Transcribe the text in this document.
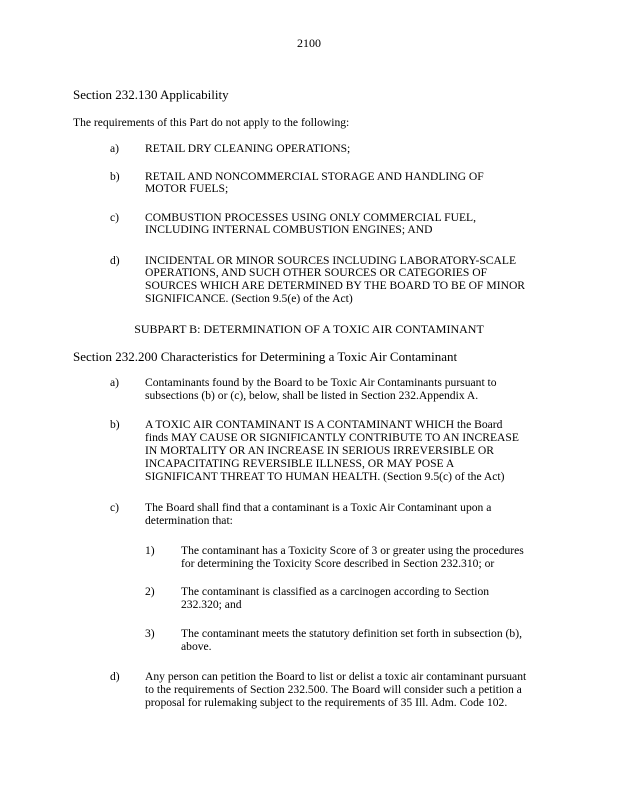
2100
Section 232.130 Applicability
The requirements of this Part do not apply to the following:
a) RETAIL DRY CLEANING OPERATIONS;
b) RETAIL AND NONCOMMERCIAL STORAGE AND HANDLING OF
MOTOR FUELS;
c) COMBUSTION PROCESSES USING ONLY COMMERCIAL FUEL,
INCLUDING INTERNAL COMBUSTION ENGINES; AND
d) INCIDENTAL OR MINOR SOURCES INCLUDING LABORATORY-SCALE
OPERATIONS, AND SUCH OTHER SOURCES OR CATEGORIES OF
SOURCES WHICH ARE DETERMINED BY THE BOARD TO BE OF MINOR
SIGNIFICANCE. (Section 9.5(e) of the Act)
SUBPART B: DETERMINATION OF A TOXIC AIR CONTAMINANT
Section 232.200 Characteristics for Determining a Toxic Air Contaminant
a) Contaminants found by the Board to be Toxic Air Contaminants pursuant to
subsections (b) or (c), below, shall be listed in Section 232.Appendix A.
b) A TOXIC AIR CONTAMINANT IS A CONTAMINANT WHICH the Board
finds MAY CAUSE OR SIGNIFICANTLY CONTRIBUTE TO AN INCREASE
IN MORTALITY OR AN INCREASE IN SERIOUS IRREVERSIBLE OR
INCAPACITATING REVERSIBLE ILLNESS, OR MAY POSE A
SIGNIFICANT THREAT TO HUMAN HEALTH. (Section 9.5(c) of the Act)
c) The Board shall find that a contaminant is a Toxic Air Contaminant upon a
determination that:
1) The contaminant has a Toxicity Score of 3 or greater using the procedures
for determining the Toxicity Score described in Section 232.310; or
2) The contaminant is classified as a carcinogen according to Section
232.320; and
3) The contaminant meets the statutory definition set forth in subsection (b),
above.
d) Any person can petition the Board to list or delist a toxic air contaminant pursuant
to the requirements of Section 232.500. The Board will consider such a petition a
proposal for rulemaking subject to the requirements of 35 Ill. Adm. Code 102.
